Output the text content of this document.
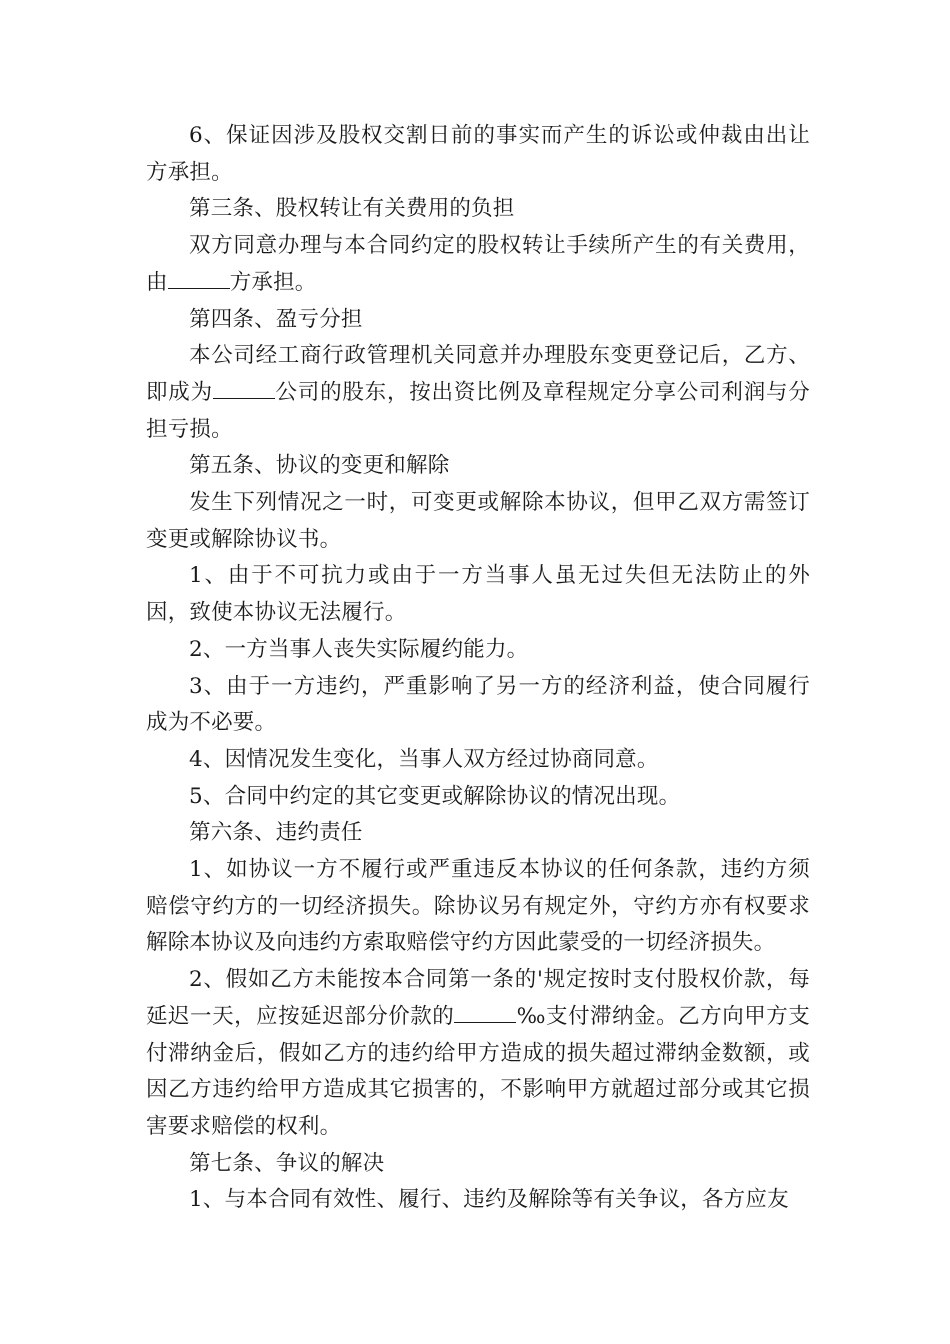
6、保证因涉及股权交割日前的事实而产生的诉讼或仲裁由出让方承担。

第三条、股权转让有关费用的负担

双方同意办理与本合同约定的股权转让手续所产生的有关费用，由	方承担。

第四条、盈亏分担

本公司经工商行政管理机关同意并办理股东变更登记后，乙方、即成为	公司的股东，按出资比例及章程规定分享公司利润与分担亏损。

第五条、协议的变更和解除

发生下列情况之一时，可变更或解除本协议，但甲乙双方需签订变更或解除协议书。

1、由于不可抗力或由于一方当事人虽无过失但无法防止的外因，致使本协议无法履行。

2、一方当事人丧失实际履约能力。

3、由于一方违约，严重影响了另一方的经济利益，使合同履行成为不必要。

4、因情况发生变化，当事人双方经过协商同意。

5、合同中约定的其它变更或解除协议的情况出现。

第六条、违约责任

1、如协议一方不履行或严重违反本协议的任何条款，违约方须赔偿守约方的一切经济损失。除协议另有规定外，守约方亦有权要求解除本协议及向违约方索取赔偿守约方因此蒙受的一切经济损失。

2、假如乙方未能按本合同第一条的'规定按时支付股权价款，每延迟一天，应按延迟部分价款的	‰支付滞纳金。乙方向甲方支付滞纳金后，假如乙方的违约给甲方造成的损失超过滞纳金数额，或因乙方违约给甲方造成其它损害的，不影响甲方就超过部分或其它损害要求赔偿的权利。

第七条、争议的解决

1、与本合同有效性、履行、违约及解除等有关争议，各方应友
